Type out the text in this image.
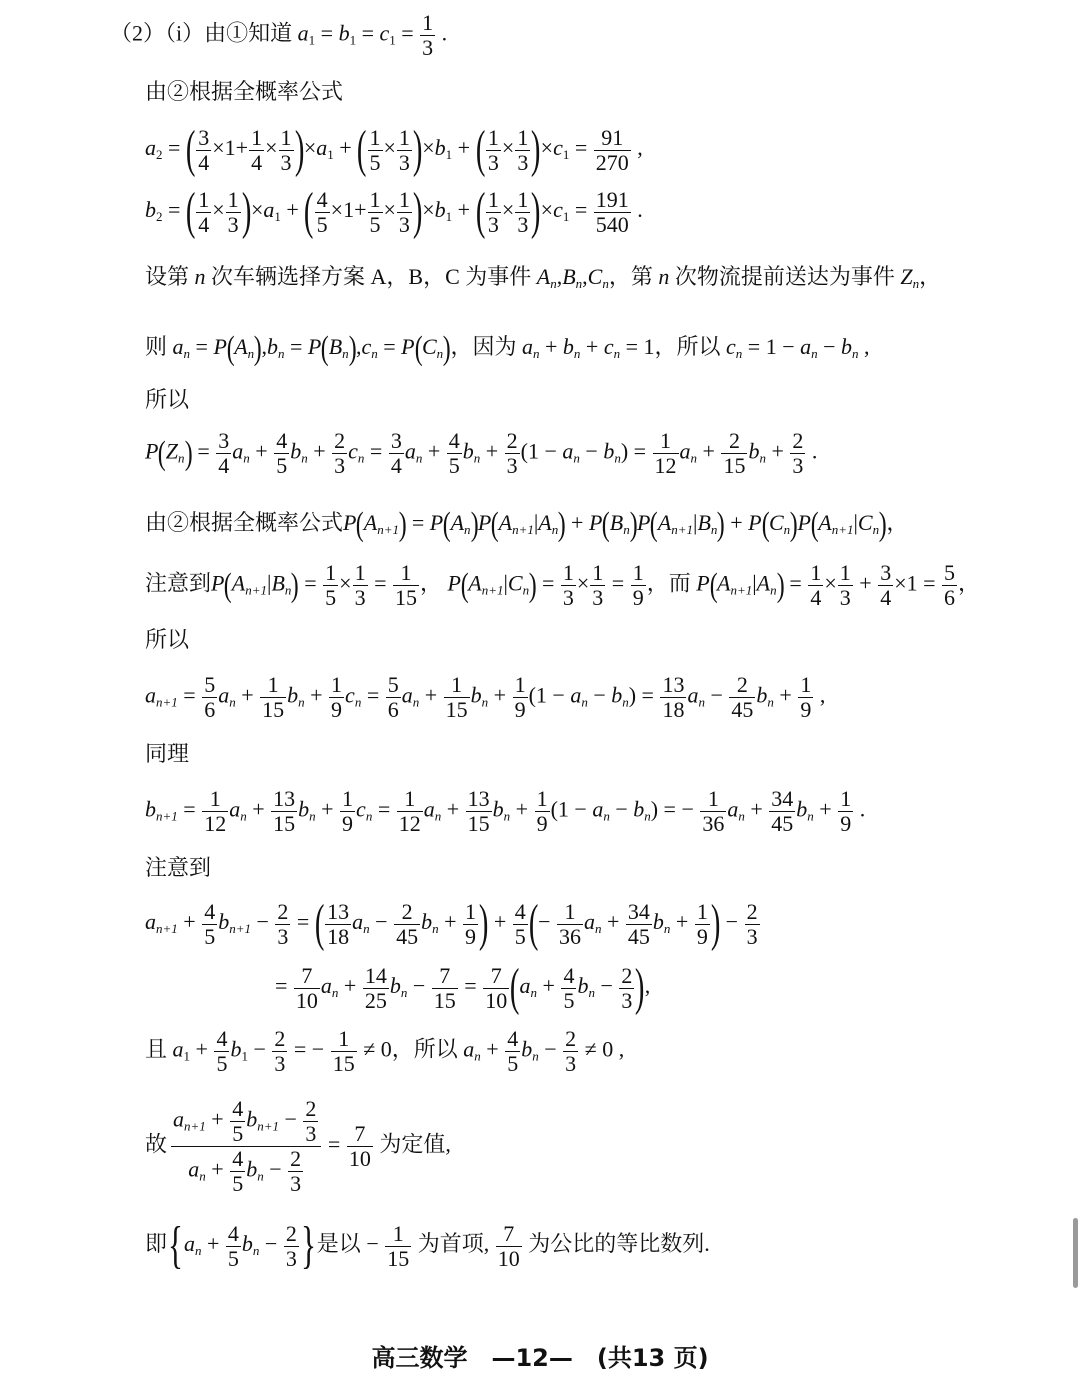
（2）（i）由①知道 $a_1 = b_1 = c_1 = \frac{1}{3}$ .
由②根据全概率公式
$a_2$ = ( $\frac{3}{4} \times 1+ \frac{1}{4} \times \frac{1}{3} )\times a_1$ + ( $\frac{1}{5} \times \frac{1}{3} )\times b_1$ + ( $\frac{1}{3} \times \frac{1}{3} )\times c_1 = \frac{91}{270}$ ,
$b_2$ = ( $\frac{1}{4} \times \frac{1}{3} )\times a_1$ + ( $\frac{4}{5} \times 1+ \frac{1}{5} \times \frac{1}{3} )\times b_1$ + ( $\frac{1}{3} \times \frac{1}{3} )\times c_1 = \frac{191}{540}$ .
设第 n 次车辆选择方案 A，B，C 为事件 $A_n,B_n,C_n$，第 n 次物流提前送达为事件 $Z_n$，
则 $a_n = P(A_n),b_n = P(B_n),c_n = P(C_n)$，因为 $a_n + b_n + c_n = 1$，所以 $c_n = 1 - a_n - b_n$ ,
所以
$P(Z_n) = \frac{3}{4} a_n + \frac{4}{5} b_n + \frac{2}{3} c_n = \frac{3}{4} a_n + \frac{4}{5} b_n + \frac{2}{3} (1 - a_n - b_n) = \frac{1}{12} a_n + \frac{2}{15} b_n + \frac{2}{3}$ .
由②根据全概率公式$P(A_{n+1}) = P(A_n)P(A_{n+1}|A_n) + P(B_n)P(A_{n+1}|B_n) + P(C_n)P(A_{n+1}|C_n)$，
注意到$P(A_{n+1}|B_n) = \frac{1}{5} \times \frac{1}{3} = \frac{1}{15}$ ， $P(A_{n+1}|C_n) = \frac{1}{3} \times \frac{1}{3} = \frac{1}{9}$ ，而 $P(A_{n+1}|A_n) = \frac{1}{4} \times \frac{1}{3} + \frac{3}{4} \times 1 = \frac{5}{6}$ ，
所以
$a_{n+1} = \frac{5}{6} a_n + \frac{1}{15} b_n + \frac{1}{9} c_n = \frac{5}{6} a_n + \frac{1}{15} b_n + \frac{1}{9} (1 - a_n - b_n) = \frac{13}{18} a_n - \frac{2}{45} b_n + \frac{1}{9}$ ,
同理
$b_{n+1} = \frac{1}{12} a_n + \frac{13}{15} b_n + \frac{1}{9} c_n = \frac{1}{12} a_n + \frac{13}{15} b_n + \frac{1}{9} (1 - a_n - b_n)$ = − $\frac{1}{36} a_n + \frac{34}{45} b_n + \frac{1}{9}$ .
注意到
$a_{n+1} + \frac{4}{5} b_{n+1} - \frac{2}{3}$ = ( $\frac{13}{18} a_n - \frac{2}{45} b_n + \frac{1}{9}$ ) + $\frac{4}{5}$ (− $\frac{1}{36} a_n + \frac{34}{45} b_n + \frac{1}{9}$ ) − $\frac{2}{3}$
= $\frac{7}{10} a_n + \frac{14}{25} b_n - \frac{7}{15} = \frac{7}{10} (a_n + \frac{4}{5} b_n - \frac{2}{3}$ ),
且 $a_1 + \frac{4}{5} b_1 - \frac{2}{3}$ = − $\frac{1}{15} \ne 0$，所以 $a_n + \frac{4}{5} b_n - \frac{2}{3} \ne 0$ ,
故 $\frac{a_{n+1} + \frac{4}{5} b_{n+1} - \frac{2}{3}}{a_n + \frac{4}{5} b_n - \frac{2}{3}} = \frac{7}{10}$ 为定值,
即{$a_n + \frac{4}{5} b_n - \frac{2}{3}$ }是以 − $\frac{1}{15}$ 为首项, $\frac{7}{10}$ 为公比的等比数列.
高三数学　—12—　(共13 页)
